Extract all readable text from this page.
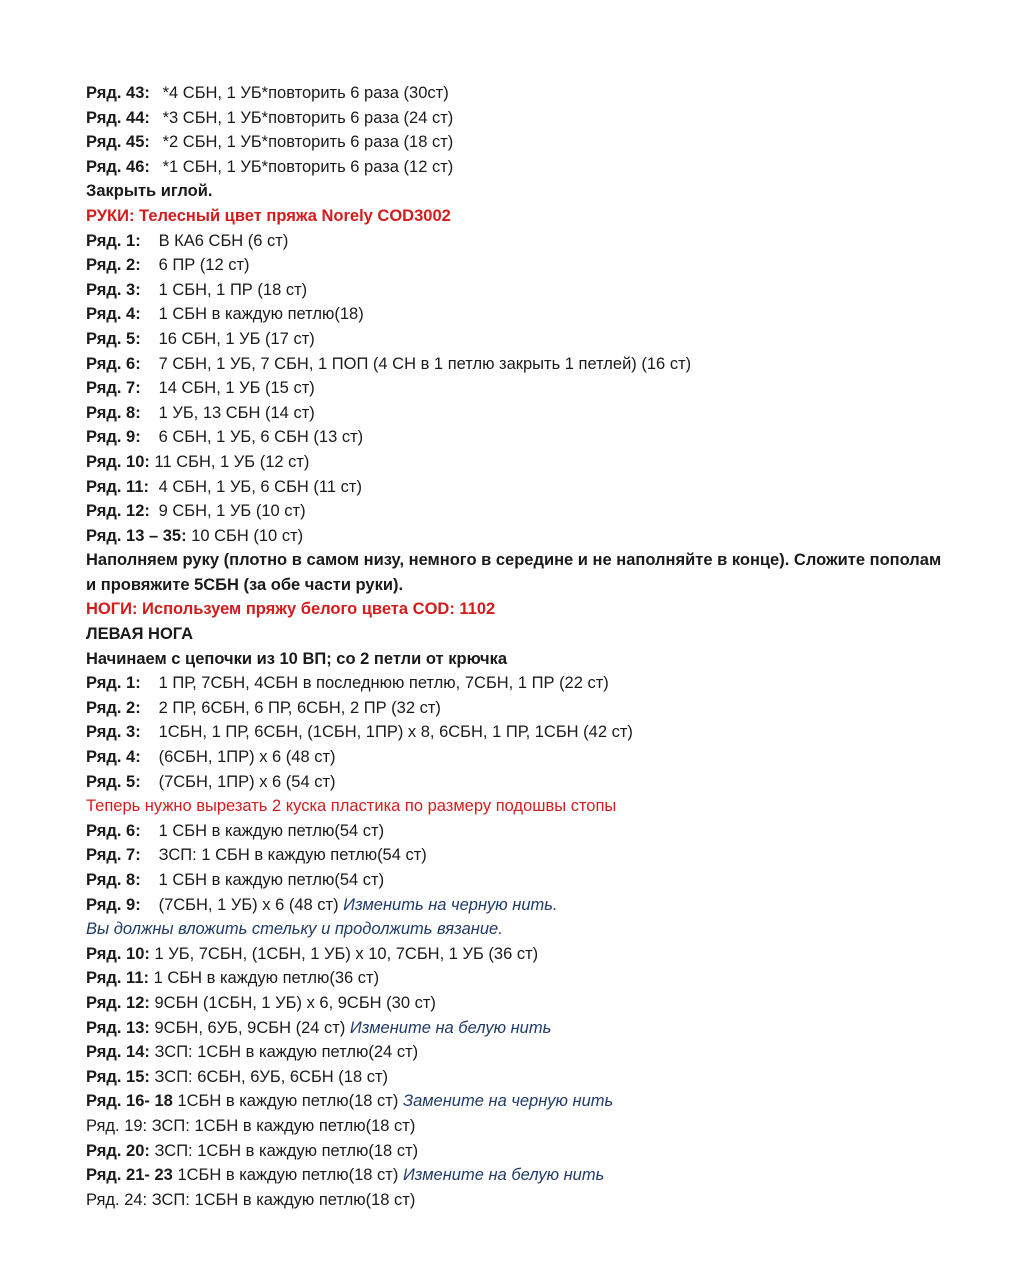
Ряд. 43: *4 СБН, 1 УБ*повторить 6 раза (30ст)
Ряд. 44: *3 СБН, 1 УБ*повторить 6 раза (24 ст)
Ряд. 45: *2 СБН, 1 УБ*повторить 6 раза (18 ст)
Ряд. 46: *1 СБН, 1 УБ*повторить 6 раза (12 ст)
Закрыть иглой.
РУКИ: Телесный цвет пряжа Norely COD3002
Ряд. 1: В КА6 СБН (6 ст)
Ряд. 2: 6 ПР (12 ст)
Ряд. 3: 1 СБН, 1 ПР (18 ст)
Ряд. 4: 1 СБН в каждую петлю(18)
Ряд. 5: 16 СБН, 1 УБ (17 ст)
Ряд. 6: 7 СБН, 1 УБ, 7 СБН, 1 ПОП (4 СН в 1 петлю закрыть 1 петлей) (16 ст)
Ряд. 7: 14 СБН, 1 УБ (15 ст)
Ряд. 8: 1 УБ, 13 СБН (14 ст)
Ряд. 9: 6 СБН, 1 УБ, 6 СБН (13 ст)
Ряд. 10: 11 СБН, 1 УБ (12 ст)
Ряд. 11: 4 СБН, 1 УБ, 6 СБН (11 ст)
Ряд. 12: 9 СБН, 1 УБ (10 ст)
Ряд. 13 – 35: 10 СБН (10 ст)
Наполняем руку (плотно в самом низу, немного в середине и не наполняйте в конце). Сложите пополам и провяжите 5СБН (за обе части руки).
НОГИ: Используем пряжу белого цвета COD: 1102
ЛЕВАЯ НОГА
Начинаем с цепочки из 10 ВП; со 2 петли от крючка
Ряд. 1: 1 ПР, 7СБН, 4СБН в последнюю петлю, 7СБН, 1 ПР (22 ст)
Ряд. 2: 2 ПР, 6СБН, 6 ПР, 6СБН, 2 ПР (32 ст)
Ряд. 3: 1СБН, 1 ПР, 6СБН, (1СБН, 1ПР) х 8, 6СБН, 1 ПР, 1СБН (42 ст)
Ряд. 4: (6СБН, 1ПР) х 6 (48 ст)
Ряд. 5: (7СБН, 1ПР) х 6 (54 ст)
Теперь нужно вырезать 2 куска пластика по размеру подошвы стопы
Ряд. 6: 1 СБН в каждую петлю(54 ст)
Ряд. 7: ЗСП: 1 СБН в каждую петлю(54 ст)
Ряд. 8: 1 СБН в каждую петлю(54 ст)
Ряд. 9: (7СБН, 1 УБ) х 6 (48 ст) Изменить на черную нить.
Вы должны вложить стельку и продолжить вязание.
Ряд. 10: 1 УБ, 7СБН, (1СБН, 1 УБ) х 10, 7СБН, 1 УБ (36 ст)
Ряд. 11: 1 СБН в каждую петлю(36 ст)
Ряд. 12: 9СБН (1СБН, 1 УБ) х 6, 9СБН (30 ст)
Ряд. 13: 9СБН, 6УБ, 9СБН (24 ст) Измените на белую нить
Ряд. 14: ЗСП: 1СБН в каждую петлю(24 ст)
Ряд. 15: ЗСП: 6СБН, 6УБ, 6СБН (18 ст)
Ряд. 16- 18 1СБН в каждую петлю(18 ст) Замените на черную нить
Ряд. 19: ЗСП: 1СБН в каждую петлю(18 ст)
Ряд. 20: ЗСП: 1СБН в каждую петлю(18 ст)
Ряд. 21- 23 1СБН в каждую петлю(18 ст) Измените на белую нить
Ряд. 24: ЗСП: 1СБН в каждую петлю(18 ст)
